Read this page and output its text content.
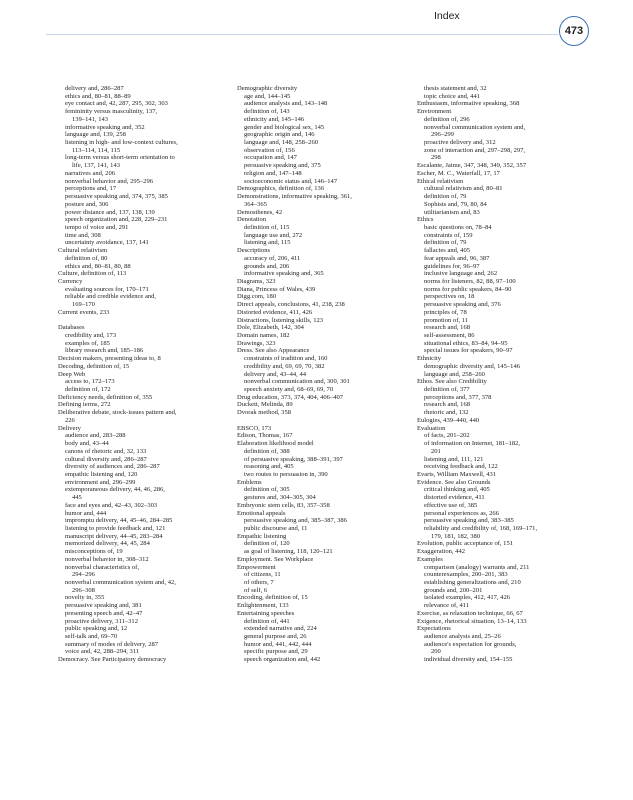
Index
473
delivery and, 286–287
ethics and, 80–81, 88–89
eye contact and, 42, 287, 295, 302, 303
femininity versus masculinity, 137,
139–141, 143
informative speaking and, 352
language and, 139, 258
listening in high- and low-context cultures,
113–114, 114, 115
long-term versus short-term orientation to
life, 137, 141, 143
narratives and, 206
nonverbal behavior and, 295–296
perceptions and, 17
persuasive speaking and, 374, 375, 385
posture and, 306
power distance and, 137, 138, 139
speech organization and, 228, 229–231
tempo of voice and, 291
time and, 308
uncertainty avoidance, 137, 141
Cultural relativism
definition of, 80
ethics and, 80–81, 80, 88
Culture, definition of, 113
Currency
evaluating sources for, 170–171
reliable and credible evidence and,
169–170
Current events, 233
Databases
credibility and, 173
examples of, 185
library research and, 185–186
Decision makers, presenting ideas to, 8
Decoding, definition of, 15
Deep Web
access to, 172–173
definition of, 172
Deficiency needs, definition of, 355
Defining terms, 272
Deliberative debate, stock-issues pattern and,
226
Delivery
audience and, 283–288
body and, 43–44
canons of rhetoric and, 32, 133
cultural diversity and, 286–287
diversity of audiences and, 286–287
empathic listening and, 120
environment and, 296–299
extemporaneous delivery, 44, 46, 286,
445
face and eyes and, 42–43, 302–303
humor and, 444
impromptu delivery, 44, 45–46, 284–285
listening to provide feedback and, 121
manuscript delivery, 44–45, 283–284
memorized delivery, 44, 45, 284
misconceptions of, 19
nonverbal behavior in, 308–312
nonverbal characteristics of,
294–296
nonverbal communication system and, 42,
296–308
novelty in, 355
persuasive speaking and, 381
presenting speech and, 42–47
proactive delivery, 311–312
public speaking and, 12
self-talk and, 69–70
summary of modes of delivery, 287
voice and, 42, 288–294, 311
Democracy. See Participatory democracy
Demographic diversity
age and, 144–145
audience analysis and, 143–148
definition of, 143
ethnicity and, 145–146
gender and biological sex, 145
geographic origin and, 146
language and, 148, 258–260
observation of, 156
occupation and, 147
persuasive speaking and, 375
religion and, 147–148
socioeconomic status and, 146–147
Demographics, definition of, 136
Demonstrations, informative speaking, 361,
364–365
Demosthenes, 42
Denotation
definition of, 115
language use and, 272
listening and, 115
Descriptions
accuracy of, 206, 411
grounds and, 206
informative speaking and, 365
Diagrams, 323
Diana, Princess of Wales, 439
Digg.com, 180
Direct appeals, conclusions, 41, 238, 238
Distorted evidence, 411, 426
Distractions, listening skills, 123
Dole, Elizabeth, 142, 304
Domain names, 182
Drawings, 323
Dress. See also Appearance
constraints of tradition and, 160
credibility and, 69, 69, 70, 382
delivery and, 43–44, 44
nonverbal communication and, 300, 301
speech anxiety and, 68–69, 69, 70
Drug education, 373, 374, 404, 406–407
Duckett, Melinda, 89
Dvorak method, 358
EBSCO, 173
Edison, Thomas, 167
Elaboration likelihood model
definition of, 388
of persuasive speaking, 388–391, 397
reasoning and, 405
two routes to persuasion in, 390
Emblems
definition of, 305
gestures and, 304–305, 304
Embryonic stem cells, 83, 357–358
Emotional appeals
persuasive speaking and, 385–387, 386
public discourse and, 11
Empathic listening
definition of, 120
as goal of listening, 118, 120–121
Employment. See Workplace
Empowerment
of citizens, 11
of others, 7
of self, 6
Encoding, definition of, 15
Enlightenment, 133
Entertaining speeches
definition of, 441
extended narrative and, 224
general purpose and, 26
humor and, 441, 442, 444
specific purpose and, 29
speech organization and, 442
thesis statement and, 32
topic choice and, 441
Enthusiasm, informative speaking, 368
Environment
definition of, 296
nonverbal communication system and,
296–299
proactive delivery and, 312
zone of interaction and, 297–298, 297,
298
Escalante, Jaime, 347, 348, 349, 352, 357
Escher, M. C., Waterfall, 17, 17
Ethical relativism
cultural relativism and, 80–81
definition of, 79
Sophists and, 79, 80, 84
utilitarianism and, 83
Ethics
basic questions on, 78–84
constraints of, 159
definition of, 79
fallacies and, 405
fear appeals and, 96, 387
guidelines for, 96–97
inclusive language and, 262
norms for listeners, 82, 88, 97–100
norms for public speakers, 84–90
perspectives on, 18
persuasive speaking and, 376
principles of, 78
promotion of, 11
research and, 168
self-assessment, 86
situational ethics, 83–84, 94–95
special issues for speakers, 90–97
Ethnicity
demographic diversity and, 145–146
language and, 258–260
Ethos. See also Credibility
definition of, 377
perceptions and, 377, 378
research and, 168
rhetoric and, 132
Eulogies, 439–440, 440
Evaluation
of facts, 201–202
of information on Internet, 181–182,
201
listening and, 111, 121
receiving feedback and, 122
Evarts, William Maxwell, 431
Evidence. See also Grounds
critical thinking and, 405
distorted evidence, 411
effective use of, 385
personal experiences as, 266
persuasive speaking and, 383–385
reliability and credibility of, 168, 169–171,
179, 181, 182, 380
Evolution, public acceptance of, 151
Exaggeration, 442
Examples
comparison (analogy) warrants and, 211
counterexamples, 200–201, 383
establishing generalizations and, 210
grounds and, 200–201
isolated examples, 412, 417, 426
relevance of, 411
Exercise, as relaxation technique, 66, 67
Exigence, rhetorical situation, 13–14, 133
Expectations
audience analysis and, 25–26
audience's expectation for grounds,
200
individual diversity and, 154–155
